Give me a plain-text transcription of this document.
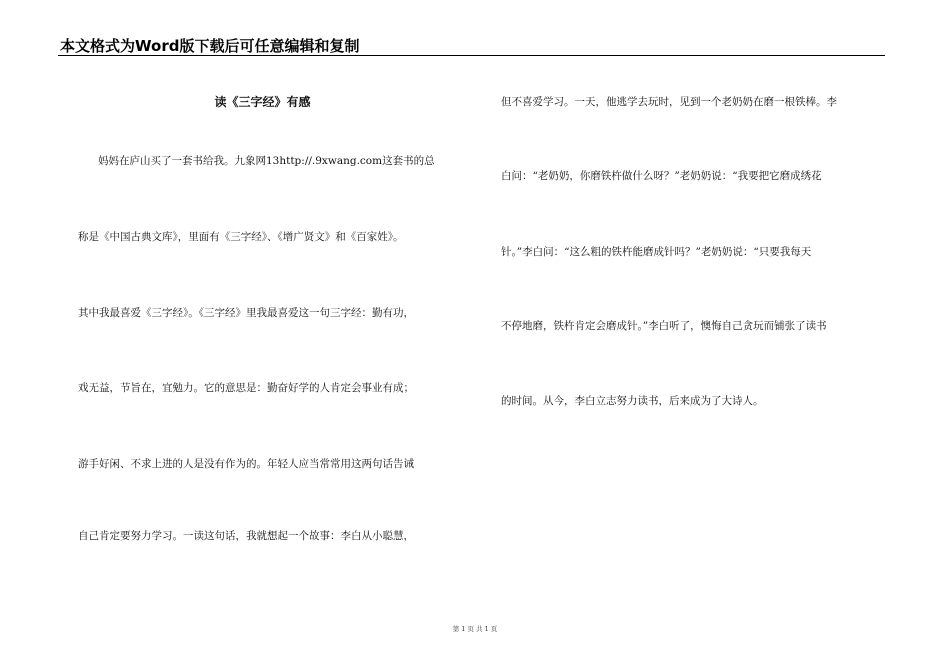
本文格式为Word版下载后可任意编辑和复制
读《三字经》有感
妈妈在庐山买了一套书给我。九象网13http://.9xwang.com这套书的总
称是《中国古典文库》，里面有《三字经》、《增广贤文》和《百家姓》。
其中我最喜爱《三字经》。《三字经》里我最喜爱这一句三字经：勤有功，
戏无益，节旨在，宜勉力。它的意思是：勤奋好学的人肯定会事业有成；
游手好闲、不求上进的人是没有作为的。年轻人应当常常用这两句话告诫
自己肯定要努力学习。一读这句话，我就想起一个故事：李白从小聪慧，
但不喜爱学习。一天，他逃学去玩时，见到一个老奶奶在磨一根铁棒。李
白问：“老奶奶，你磨铁杵做什么呀？”老奶奶说：“我要把它磨成绣花
针。”李白问：“这么粗的铁杵能磨成针吗？”老奶奶说：“只要我每天
不停地磨，铁杵肯定会磨成针。”李白听了，懊悔自己贪玩而铺张了读书
的时间。从今，李白立志努力读书，后来成为了大诗人。
第 1 页 共 1 页
